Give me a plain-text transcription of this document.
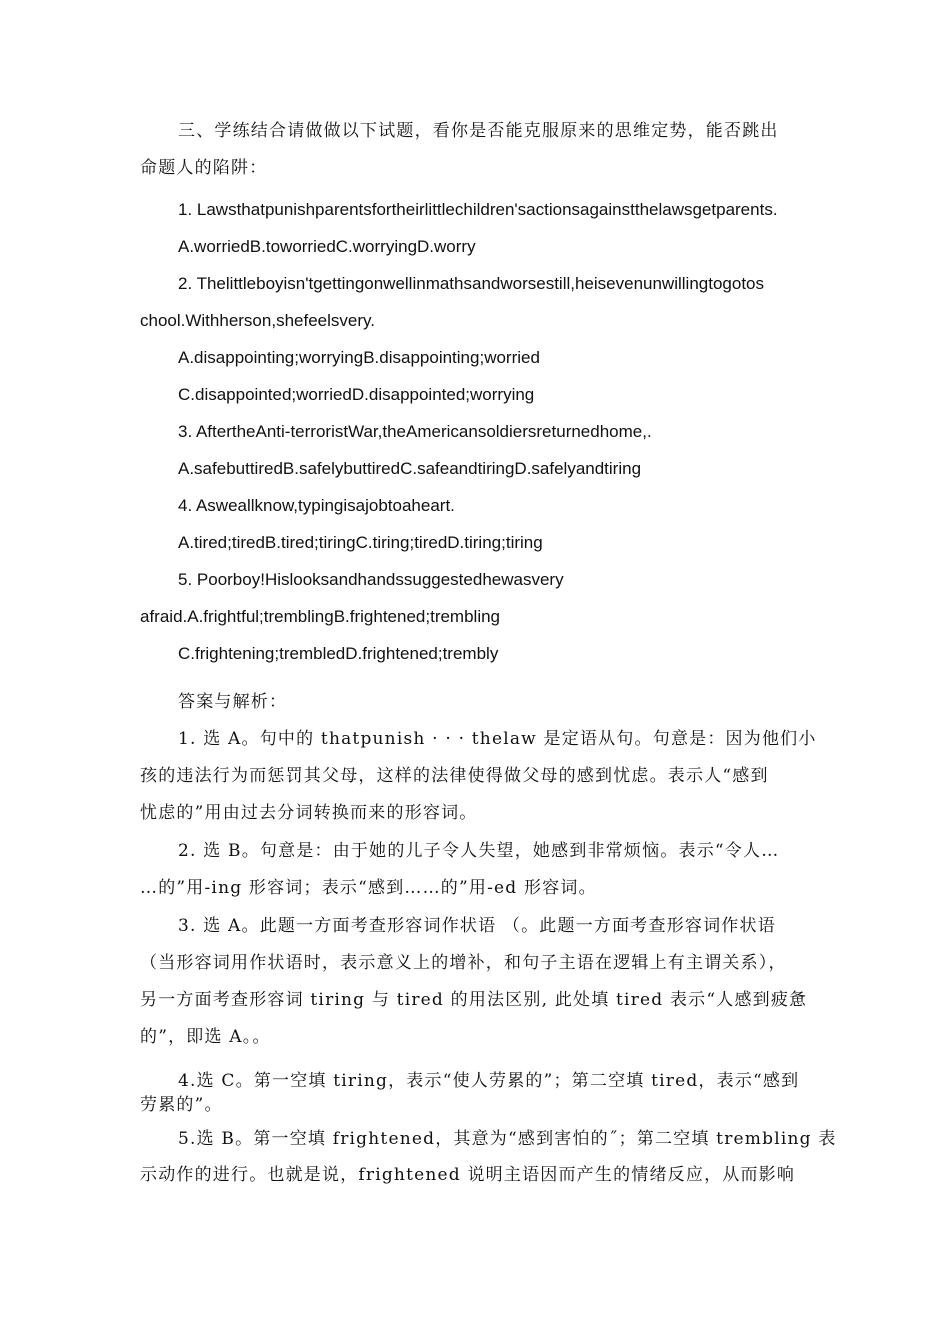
三、学练结合请做做以下试题，看你是否能克服原来的思维定势，能否跳出
命题人的陷阱：
1. Lawsthatpunishparentsfortheirlittlechildren'sactionsagainstthelawsgetparents.
A.worriedB.toworriedC.worryingD.worry
2. Thelittleboyisn'tgettingonwellinmathsandworsestill,heisevenunwillingtogotos
chool.Withherson,shefeelsvery.
A.disappointing;worryingB.disappointing;worried
C.disappointed;worriedD.disappointed;worrying
3. AftertheAnti-terroristWar,theAmericansoldiersreturnedhome,.
A.safebuttiredB.safelybuttiredC.safeandtiringD.safelyandtiring
4. Asweallknow,typingisajobtoaheart.
A.tired;tiredB.tired;tiringC.tiring;tiredD.tiring;tiring
5. Poorboy!Hislooksandhandssuggestedhewasvery
afraid.A.frightful;tremblingB.frightened;trembling
C.frightening;trembledD.frightened;trembly
答案与解析：
1. 选 A。句中的 thatpunish · · · thelaw 是定语从句。句意是：因为他们小
孩的违法行为而惩罚其父母，这样的法律使得做父母的感到忧虑。表示人“感到
忧虑的”用由过去分词转换而来的形容词。
2. 选 B。句意是：由于她的儿子令人失望，她感到非常烦恼。表示“令人…
…的”用-ing 形容词；表示“感到……的”用-ed 形容词。
3. 选 A。此题一方面考查形容词作状语 （。此题一方面考查形容词作状语
（当形容词用作状语时，表示意义上的增补，和句子主语在逻辑上有主谓关系），
另一方面考查形容词 tiring 与 tired 的用法区别, 此处填 tired 表示“人感到疲惫
的”，即选 A。。
4.选 C。第一空填 tiring，表示“使人劳累的”；第二空填 tired，表示“感到
劳累的”。
5.选 B。第一空填 frightened，其意为“感到害怕的˝；第二空填 trembling 表
示动作的进行。也就是说，frightened 说明主语因而产生的情绪反应，从而影响
